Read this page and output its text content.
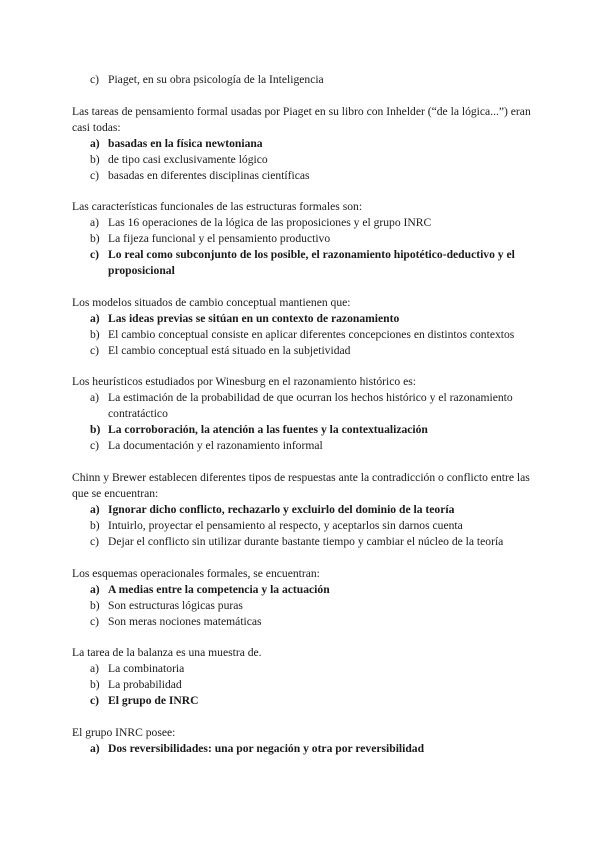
c) Piaget, en su obra psicología de la Inteligencia

Las tareas de pensamiento formal usadas por Piaget en su libro con Inhelder (“de la lógica...”) eran casi todas:

a) basadas en la física newtoniana
b) de tipo casi exclusivamente lógico
c) basadas en diferentes disciplinas científicas

Las características funcionales de las estructuras formales son:

a) Las 16 operaciones de la lógica de las proposiciones y el grupo INRC
b) La fijeza funcional y el pensamiento productivo
c) Lo real como subconjunto de los posible, el razonamiento hipotético-deductivo y el proposicional

Los modelos situados de cambio conceptual mantienen que:

a) Las ideas previas se sitúan en un contexto de razonamiento
b) El cambio conceptual consiste en aplicar diferentes concepciones en distintos contextos
c) El cambio conceptual está situado en la subjetividad

Los heurísticos estudiados por Winesburg en el razonamiento histórico es:

a) La estimación de la probabilidad de que ocurran los hechos histórico y el razonamiento contratáctico
b) La corroboración, la atención a las fuentes y la contextualización
c) La documentación y el razonamiento informal

Chinn y Brewer establecen diferentes tipos de respuestas ante la contradicción o conflicto entre las que se encuentran:

a) Ignorar dicho conflicto, rechazarlo y excluirlo del dominio de la teoría
b) Intuirlo, proyectar el pensamiento al respecto, y aceptarlos sin darnos cuenta
c) Dejar el conflicto sin utilizar durante bastante tiempo y cambiar el núcleo de la teoría

Los esquemas operacionales formales, se encuentran:

a) A medias entre la competencia y la actuación
b) Son estructuras lógicas puras
c) Son meras nociones matemáticas

La tarea de la balanza es una muestra de.

a) La combinatoria
b) La probabilidad
c) El grupo de INRC

El grupo INRC posee:

a) Dos reversibilidades: una por negación y otra por reversibilidad
